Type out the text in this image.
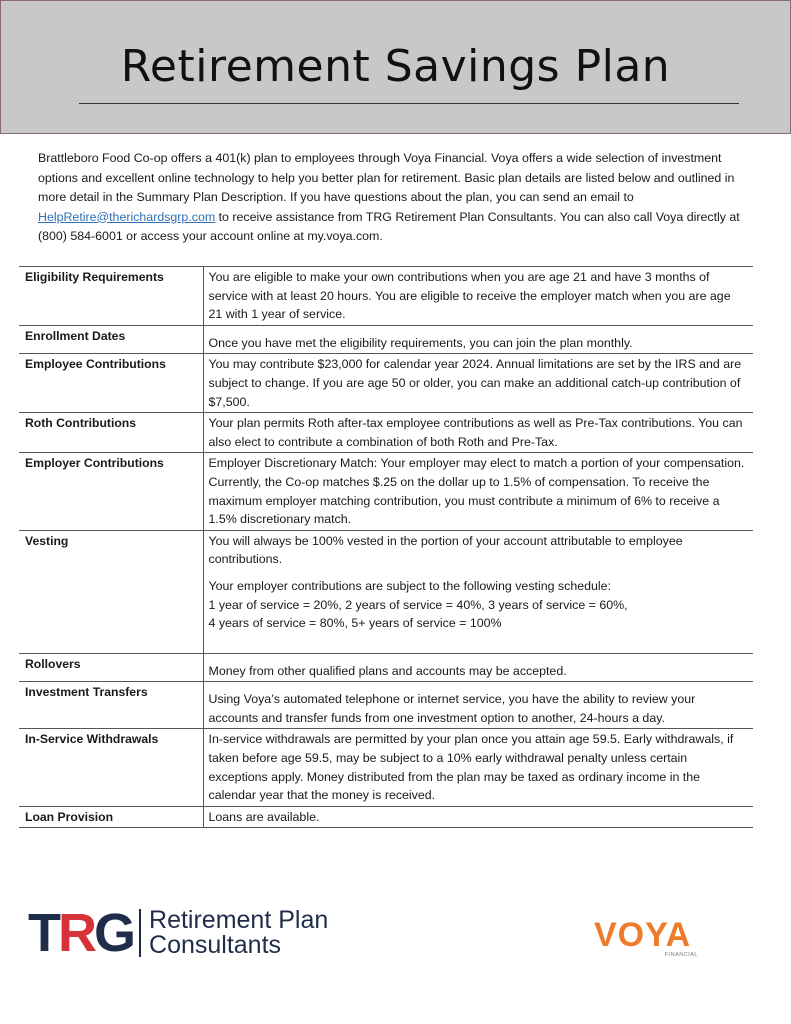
Retirement Savings Plan

Brattleboro Food Co-op offers a 401(k) plan to employees through Voya Financial. Voya offers a wide selection of investment options and excellent online technology to help you better plan for retirement. Basic plan details are listed below and outlined in more detail in the Summary Plan Description. If you have questions about the plan, you can send an email to HelpRetire@therichardsgrp.com to receive assistance from TRG Retirement Plan Consultants. You can also call Voya directly at (800) 584-6001 or access your account online at my.voya.com.

Eligibility Requirements	You are eligible to make your own contributions when you are age 21 and have 3 months of service with at least 20 hours. You are eligible to receive the employer match when you are age 21 with 1 year of service.
Enrollment Dates	Once you have met the eligibility requirements, you can join the plan monthly.
Employee Contributions	You may contribute $23,000 for calendar year 2024. Annual limitations are set by the IRS and are subject to change. If you are age 50 or older, you can make an additional catch-up contribution of $7,500.
Roth Contributions	Your plan permits Roth after-tax employee contributions as well as Pre-Tax contributions. You can also elect to contribute a combination of both Roth and Pre-Tax.
Employer Contributions	Employer Discretionary Match: Your employer may elect to match a portion of your compensation. Currently, the Co-op matches $.25 on the dollar up to 1.5% of compensation. To receive the maximum employer matching contribution, you must contribute a minimum of 6% to receive a 1.5% discretionary match.
Vesting	You will always be 100% vested in the portion of your account attributable to employee contributions.

Your employer contributions are subject to the following vesting schedule:
1 year of service = 20%, 2 years of service = 40%, 3 years of service = 60%,
4 years of service = 80%, 5+ years of service = 100%

Rollovers	Money from other qualified plans and accounts may be accepted.
Investment Transfers	Using Voya’s automated telephone or internet service, you have the ability to review your accounts and transfer funds from one investment option to another, 24-hours a day.
In-Service Withdrawals	In-service withdrawals are permitted by your plan once you attain age 59.5. Early withdrawals, if taken before age 59.5, may be subject to a 10% early withdrawal penalty unless certain exceptions apply. Money distributed from the plan may be taxed as ordinary income in the calendar year that the money is received.
Loan Provision	Loans are available.
TRG Retirement Plan
Consultants	VOYA
FINANCIAL
